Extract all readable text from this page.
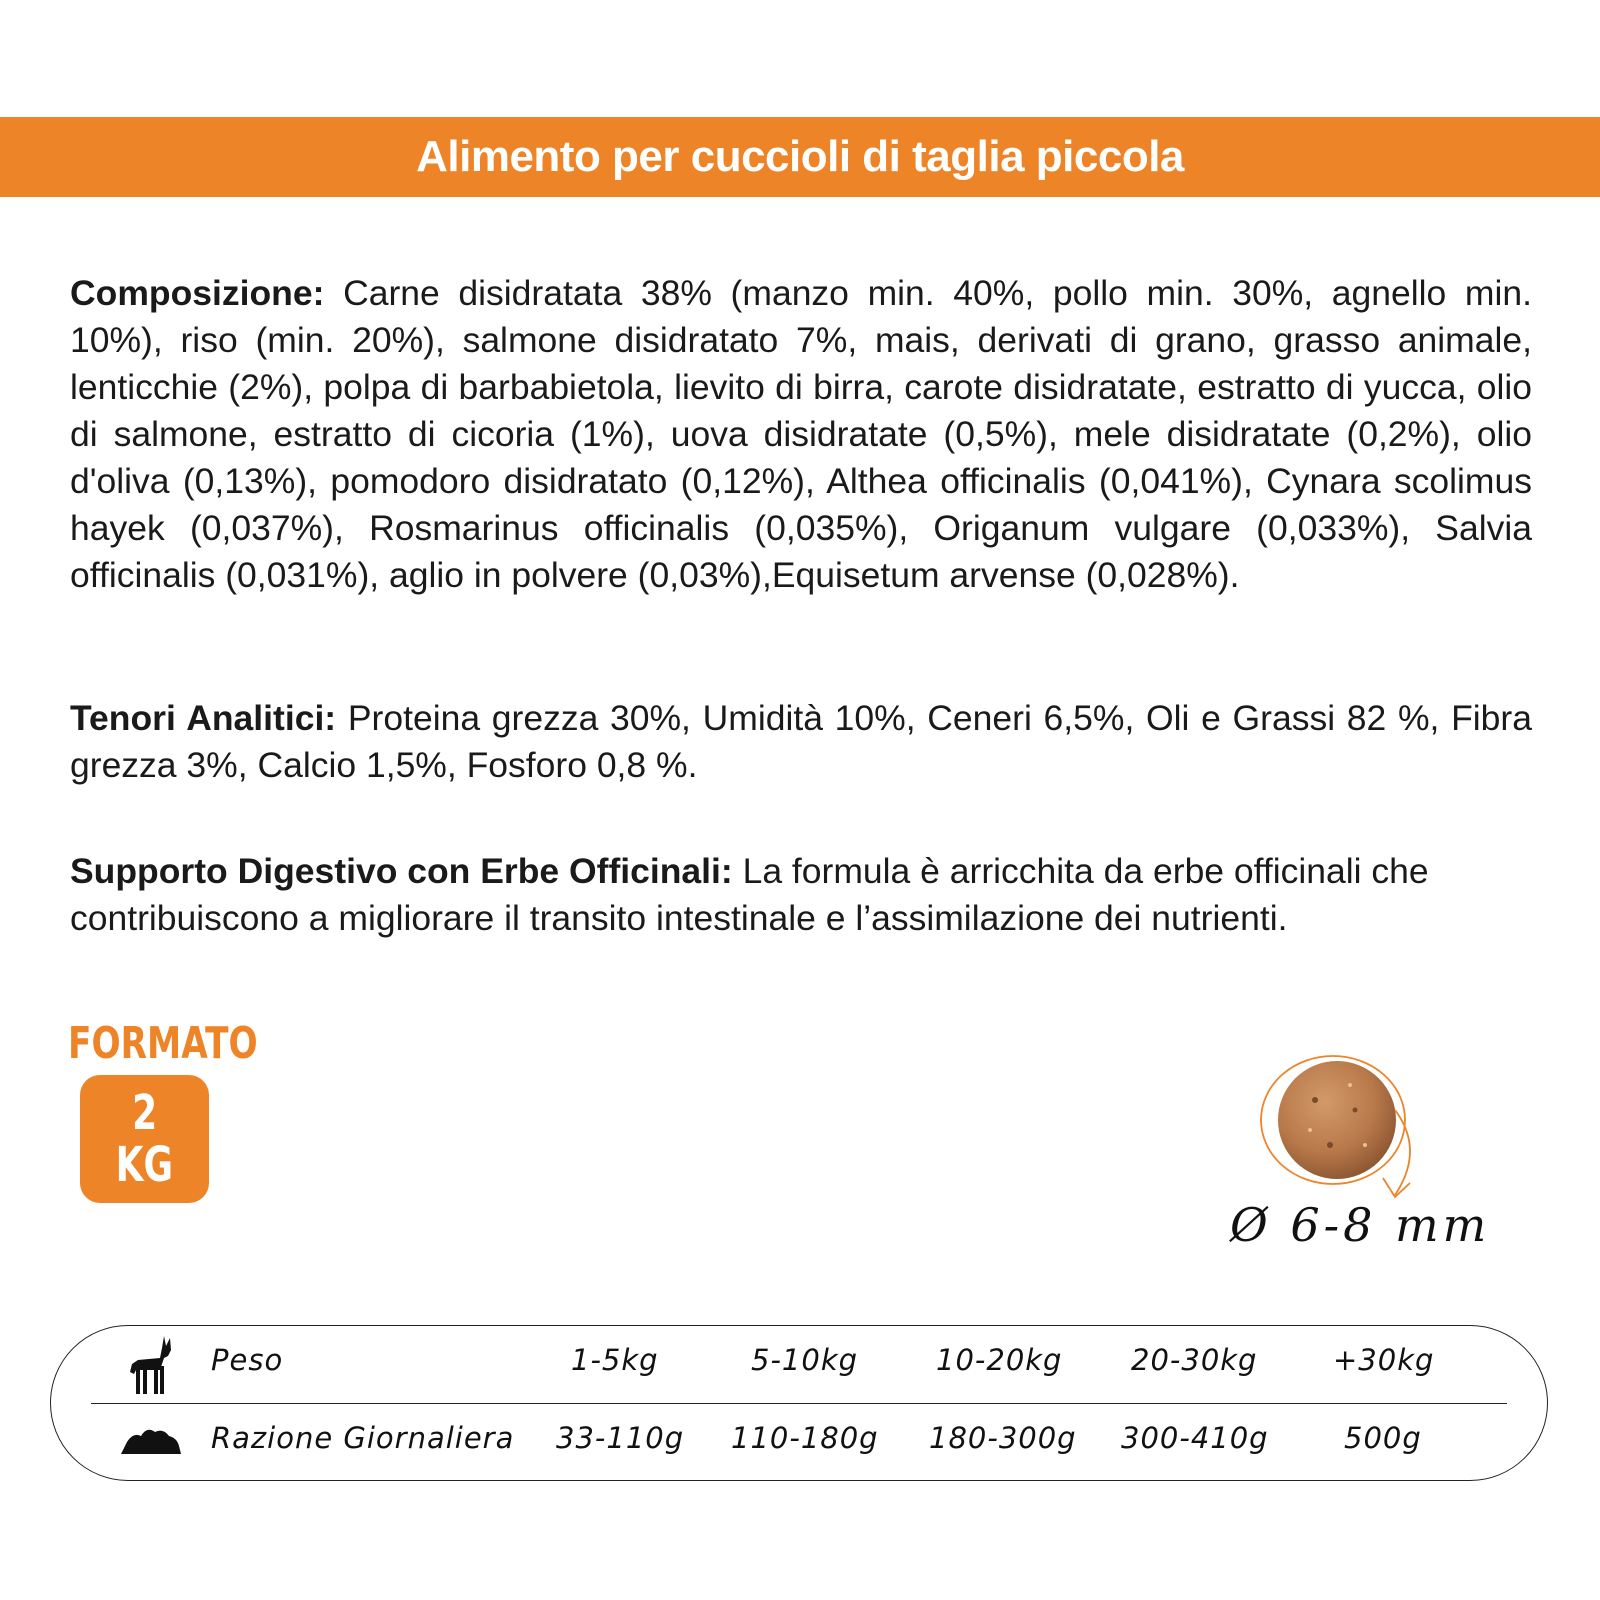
Alimento per cuccioli di taglia piccola

Composizione: Carne disidratata 38% (manzo min. 40%, pollo min. 30%, agnello min. 10%), riso (min. 20%), salmone disidratato 7%, mais, derivati di grano, grasso animale, lenticchie (2%), polpa di barbabietola, lievito di birra, carote disidratate, estratto di yucca, olio di salmone, estratto di cicoria (1%), uova disidratate (0,5%), mele disidratate (0,2%), olio d'oliva (0,13%), pomodoro disidratato (0,12%), Althea officinalis (0,041%), Cynara scolimus hayek (0,037%), Rosmarinus officinalis (0,035%), Origanum vulgare (0,033%), Salvia officinalis (0,031%), aglio in polvere (0,03%),Equisetum arvense (0,028%).

Tenori Analitici: Proteina grezza 30%, Umidità 10%, Ceneri 6,5%, Oli e Grassi 82 %, Fibra grezza 3%, Calcio 1,5%, Fosforo 0,8 %.

Supporto Digestivo con Erbe Officinali: La formula è arricchita da erbe officinali che contribuiscono a migliorare il transito intestinale e l’assimilazione dei nutrienti.

FORMATO
2
KG
Ø 6-8 mm
Peso	1-5kg	5-10kg	10-20kg 20-30kg	+30kg
Razione Giornaliera 33-110g 110-180g 180-300g 300-410g	500g
